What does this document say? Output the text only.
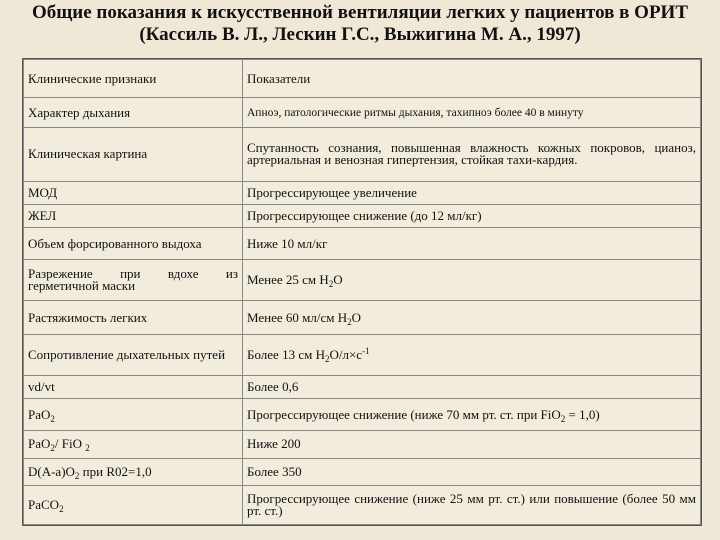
Общие показания к искусственной вентиляции легких у пациентов в ОРИТ
(Кассиль В. Л., Лескин Г.С., Выжигина М. А., 1997)
Клинические признаки	Показатели
Характер дыхания	Апноэ, патологические ритмы дыхания, тахипноэ более 40 в минуту
Клиническая картина	Спутанность сознания, повышенная влажность кожных покровов, цианоз, артериальная и венозная гипертензия, стойкая тахи-кардия.
МОД	Прогрессирующее увеличение
ЖЕЛ	Прогрессирующее снижение (до 12 мл/кг)
Объем форсированного выдоха	Ниже 10 мл/кг
Разрежение при вдохе из герметичной маски	Менее 25 см $Н_2О$
Растяжимость легких	Менее 60 мл/см $Н_2О$
Сопротивление дыхательных путей	Более 13 см $Н_2О/л\times с^{-1}$
vd/vt	Более 0,6
РаО$_2$	Прогрессирующее снижение (ниже 70 мм рт. ст. при FiО$_2$ = 1,0)
РаО$_2$/ FiO $_2$	Ниже 200
$D(A-a)O_2$ при R02=1,0	Более 350
РаСО$_2$	Прогрессирующее снижение (ниже 25 мм рт. ст.) или повышение (более 50 мм рт. ст.)
